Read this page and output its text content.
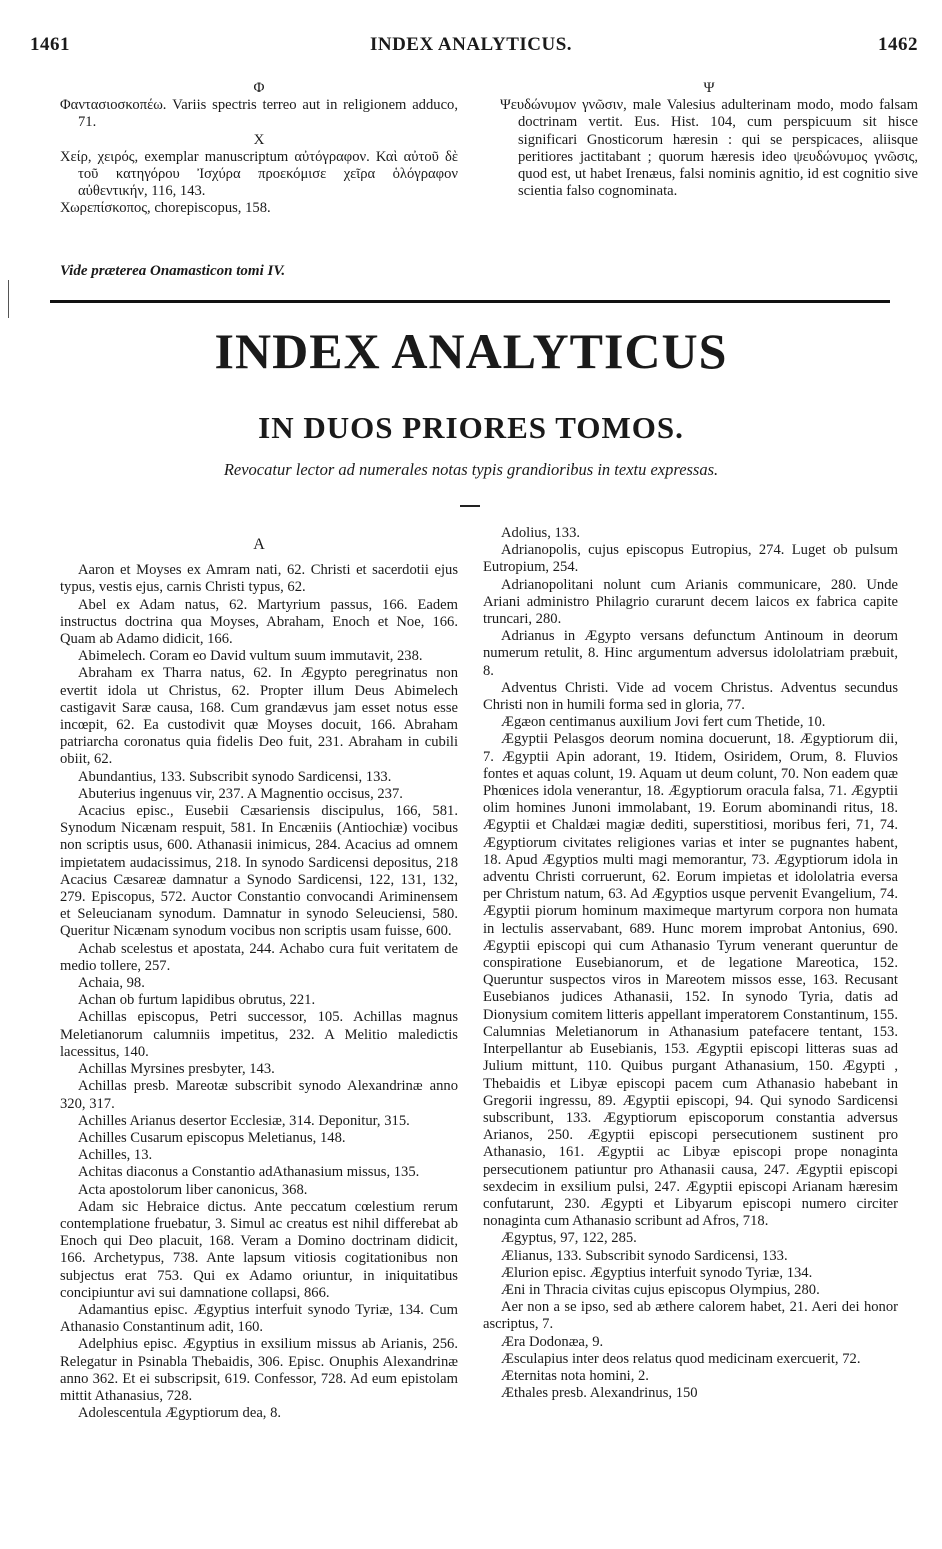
1461	INDEX ANALYTICUS.	1462

Φ

Φαντασιοσκοπέω. Variis spectris terreo aut in religionem adduco, 71.

X

Χείρ, χειρός, exemplar manuscriptum αὐτόγραφον. Καὶ αὐτοῦ δὲ τοῦ κατηγόρου Ἰσχύρα προεκόμισε χεῖρα ὁλόγραφον αὐθεντικήν, 116, 143.

Χωρεπίσκοπος, chorepiscopus, 158.

Ψ

Ψευδώνυμον γνῶσιν, male Valesius adulterinam modo, modo falsam doctrinam vertit. Eus. Hist. 104, cum perspicuum sit hisce significari Gnosticorum hæresin : qui se perspicaces, aliisque peritiores jactitabant ; quorum hæresis ideo ψευδώνυμος γνῶσις, quod est, ut habet Irenæus, falsi nominis agnitio, id est cognitio sive scientia falso cognominata.

Vide præterea Onamasticon tomi IV.
INDEX ANALYTICUS
IN DUOS PRIORES TOMOS.
Revocatur lector ad numerales notas typis grandioribus in textu expressas.

A

Aaron et Moyses ex Amram nati, 62. Christi et sacerdotii ejus typus, vestis ejus, carnis Christi typus, 62.

Abel ex Adam natus, 62. Martyrium passus, 166. Eadem instructus doctrina qua Moyses, Abraham, Enoch et Noe, 166. Quam ab Adamo didicit, 166.

Abimelech. Coram eo David vultum suum immutavit, 238.

Abraham ex Tharra natus, 62. In Ægypto peregrinatus non evertit idola ut Christus, 62. Propter illum Deus Abimelech castigavit Saræ causa, 168. Cum grandævus jam esset notus esse incœpit, 62. Ea custodivit quæ Moyses docuit, 166. Abraham patriarcha coronatus quia fidelis Deo fuit, 231. Abraham in cubili obiit, 62.

Abundantius, 133. Subscribit synodo Sardicensi, 133.

Abuterius ingenuus vir, 237. A Magnentio occisus, 237.

Acacius episc., Eusebii Cæsariensis discipulus, 166, 581. Synodum Nicænam respuit, 581. In Encæniis (Antiochiæ) vocibus non scriptis usus, 600. Athanasii inimicus, 284. Acacius ad omnem impietatem audacissimus, 218. In synodo Sardicensi depositus, 218 Acacius Cæsareæ damnatur a Synodo Sardicensi, 122, 131, 132, 279. Episcopus, 572. Auctor Constantio convocandi Ariminensem et Seleucianam synodum. Damnatur in synodo Seleuciensi, 580. Queritur Nicænam synodum vocibus non scriptis usam fuisse, 600.

Achab scelestus et apostata, 244. Achabo cura fuit veritatem de medio tollere, 257.

Achaia, 98.

Achan ob furtum lapidibus obrutus, 221.

Achillas episcopus, Petri successor, 105. Achillas magnus Meletianorum calumniis impetitus, 232. A Melitio maledictis lacessitus, 140.

Achillas Myrsines presbyter, 143.

Achillas presb. Mareotæ subscribit synodo Alexandrinæ anno 320, 317.

Achilles Arianus desertor Ecclesiæ, 314. Deponitur, 315.

Achilles Cusarum episcopus Meletianus, 148.

Achilles, 13.

Achitas diaconus a Constantio adAthanasium missus, 135.

Acta apostolorum liber canonicus, 368.

Adam sic Hebraice dictus. Ante peccatum cœlestium rerum contemplatione fruebatur, 3. Simul ac creatus est nihil differebat ab Enoch qui Deo placuit, 168. Veram a Domino doctrinam didicit, 166. Archetypus, 738. Ante lapsum vitiosis cogitationibus non subjectus erat 753. Qui ex Adamo oriuntur, in iniquitatibus concipiuntur avi sui damnatione collapsi, 866.

Adamantius episc. Ægyptius interfuit synodo Tyriæ, 134. Cum Athanasio Constantinum adit, 160.

Adelphius episc. Ægyptius in exsilium missus ab Arianis, 256. Relegatur in Psinabla Thebaidis, 306. Episc. Onuphis Alexandrinæ anno 362. Et ei subscripsit, 619. Confessor, 728. Ad eum epistolam mittit Athanasius, 728.

Adolescentula Ægyptiorum dea, 8.

Adolius, 133.

Adrianopolis, cujus episcopus Eutropius, 274. Luget ob pulsum Eutropium, 254.

Adrianopolitani nolunt cum Arianis communicare, 280. Unde Ariani administro Philagrio curarunt decem laicos ex fabrica capite truncari, 280.

Adrianus in Ægypto versans defunctum Antinoum in deorum numerum retulit, 8. Hinc argumentum adversus idololatriam præbuit, 8.

Adventus Christi. Vide ad vocem Christus. Adventus secundus Christi non in humili forma sed in gloria, 77.

Ægæon centimanus auxilium Jovi fert cum Thetide, 10.

Ægyptii Pelasgos deorum nomina docuerunt, 18. Ægyptiorum dii, 7. Ægyptii Apin adorant, 19. Itidem, Osiridem, Orum, 8. Fluvios fontes et aquas colunt, 19. Aquam ut deum colunt, 70. Non eadem quæ Phœnices idola venerantur, 18. Ægyptiorum oracula falsa, 71. Ægyptii olim homines Junoni immolabant, 19. Eorum abominandi ritus, 18. Ægyptii et Chaldæi magiæ dediti, superstitiosi, moribus feri, 71, 74. Ægyptiorum civitates religiones varias et inter se pugnantes habent, 18. Apud Ægyptios multi magi memorantur, 73. Ægyptiorum idola in adventu Christi corruerunt, 62. Eorum impietas et idololatria eversa per Christum natum, 63. Ad Ægyptios usque pervenit Evangelium, 74. Ægyptii piorum hominum maximeque martyrum corpora non humata in lectulis asservabant, 689. Hunc morem improbat Antonius, 690. Ægyptii episcopi qui cum Athanasio Tyrum venerant queruntur de conspiratione Eusebianorum, et de legatione Mareotica, 152. Queruntur suspectos viros in Mareotem missos esse, 163. Recusant Eusebianos judices Athanasii, 152. In synodo Tyria, datis ad Dionysium comitem litteris appellant imperatorem Constantinum, 155. Calumnias Meletianorum in Athanasium patefacere tentant, 153. Interpellantur ab Eusebianis, 153. Ægyptii episcopi litteras suas ad Julium mittunt, 110. Quibus purgant Athanasium, 150. Ægypti , Thebaidis et Libyæ episcopi pacem cum Athanasio habebant in Gregorii ingressu, 89. Ægyptii episcopi, 94. Qui synodo Sardicensi subscribunt, 133. Ægyptiorum episcoporum constantia adversus Arianos, 250. Ægyptii episcopi persecutionem sustinent pro Athanasio, 161. Ægyptii ac Libyæ episcopi prope nonaginta persecutionem patiuntur pro Athanasii causa, 247. Ægyptii episcopi sexdecim in exsilium pulsi, 247. Ægyptii episcopi Arianam hæresim confutarunt, 230. Ægypti et Libyarum episcopi numero circiter nonaginta cum Athanasio scribunt ad Afros, 718.

Ægyptus, 97, 122, 285.

Ælianus, 133. Subscribit synodo Sardicensi, 133.

Ælurion episc. Ægyptius interfuit synodo Tyriæ, 134.

Æni in Thracia civitas cujus episcopus Olympius, 280.

Aer non a se ipso, sed ab æthere calorem habet, 21. Aeri dei honor ascriptus, 7.

Æra Dodonæa, 9.

Æsculapius inter deos relatus quod medicinam exercuerit, 72.

Æternitas nota homini, 2.

Æthales presb. Alexandrinus, 150
